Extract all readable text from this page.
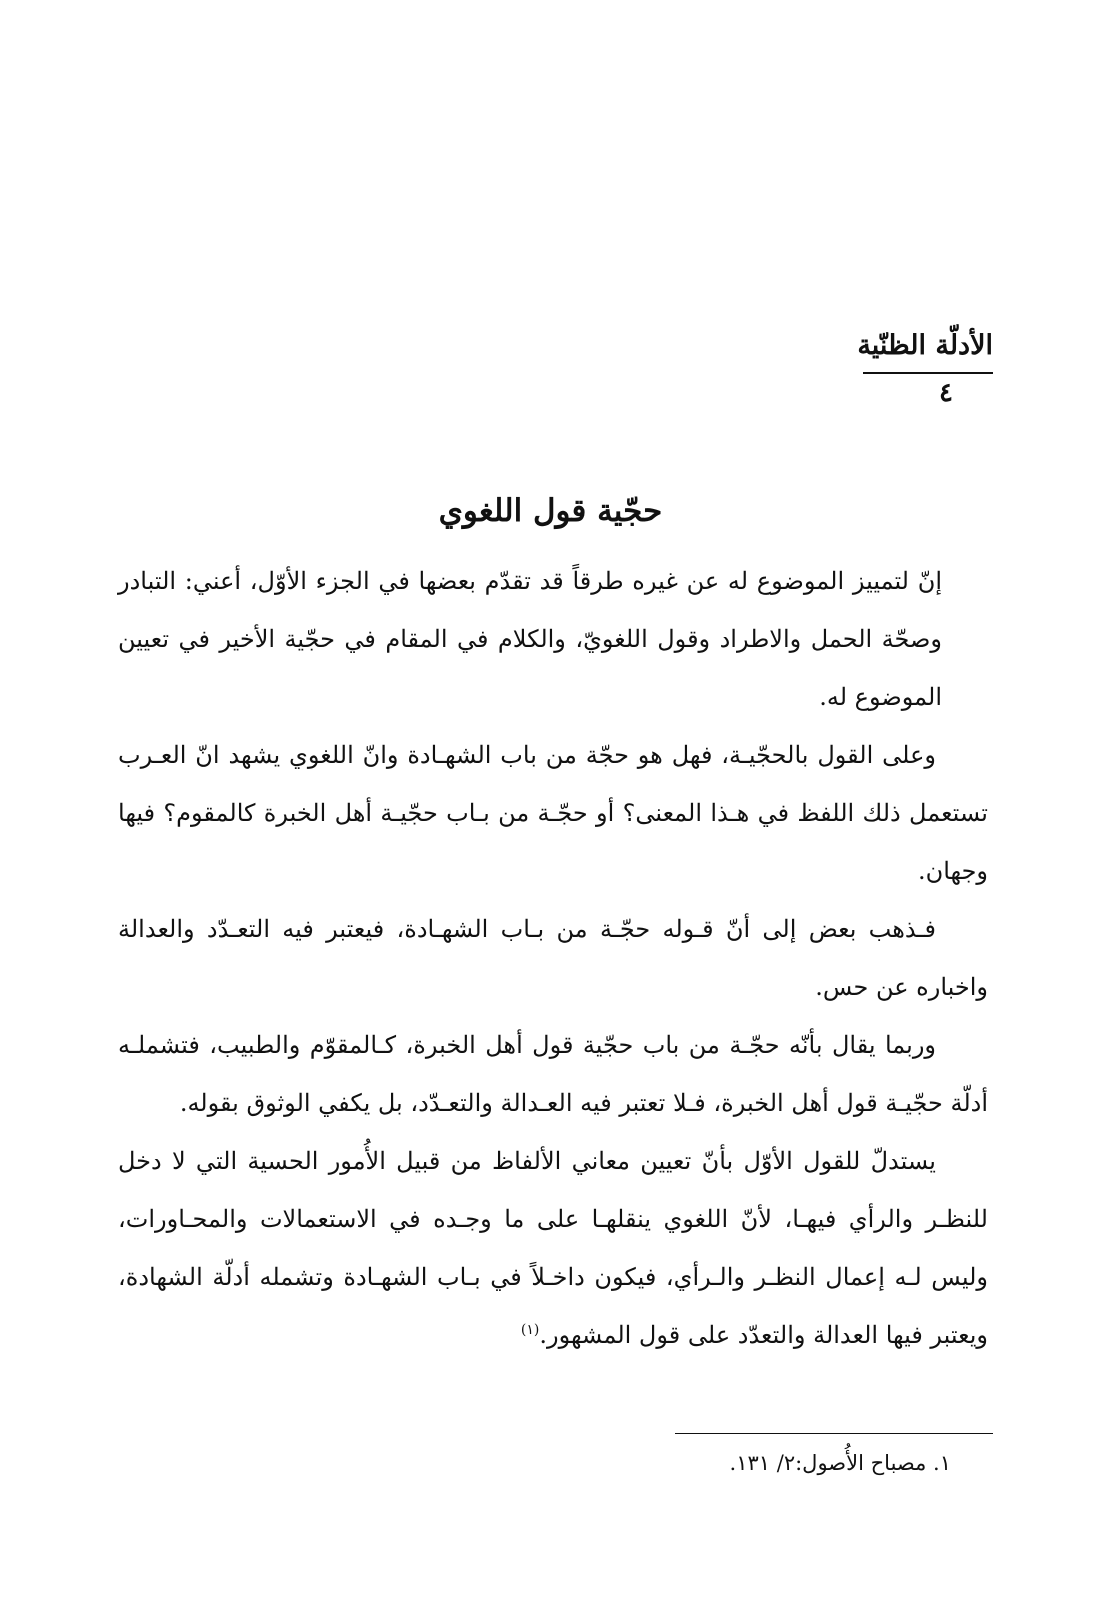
الأدلّة الظنّية
٤
حجّية قول اللغوي

إنّ لتمييز الموضوع له عن غيره طرقاً قد تقدّم بعضها في الجزء الأوّل، أعني: التبادر وصحّة الحمل والاطراد وقول اللغويّ، والكلام في المقام في حجّية الأخير في تعيين الموضوع له.

وعلى القول بالحجّيـة، فهل هو حجّة من باب الشهـادة وانّ اللغوي يشهد انّ العـرب تستعمل ذلك اللفظ في هـذا المعنى؟ أو حجّـة من بـاب حجّيـة أهل الخبرة كالمقوم؟ فيها وجهان.

فـذهب بعض إلى أنّ قـوله حجّـة من بـاب الشهـادة، فيعتبر فيه التعـدّد والعدالة واخباره عن حس.

وربما يقال بأنّه حجّـة من باب حجّية قول أهل الخبرة، كـالمقوّم والطبيب، فتشملـه أدلّة حجّيـة قول أهل الخبرة، فـلا تعتبر فيه العـدالة والتعـدّد، بل يكفي الوثوق بقوله.

يستدلّ للقول الأوّل بأنّ تعيين معاني الألفاظ من قبيل الأُمور الحسية التي لا دخل للنظـر والرأي فيهـا، لأنّ اللغوي ينقلهـا على ما وجـده في الاستعمالات والمحـاورات، وليس لـه إعمال النظـر والـرأي، فيكون داخـلاً في بـاب الشهـادة وتشمله أدلّة الشهادة، ويعتبر فيها العدالة والتعدّد على قول المشهور.$^{(١)}$

١. مصباح الأُصول:٢/ ١٣١.
